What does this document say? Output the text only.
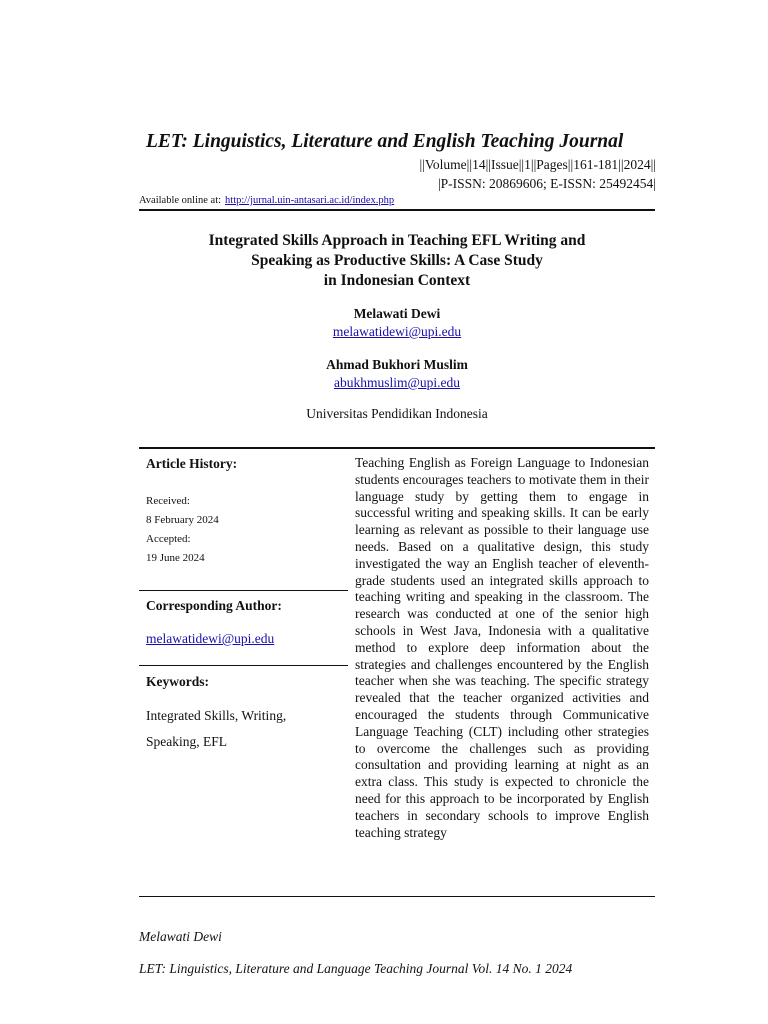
LET: Linguistics, Literature and English Teaching Journal
||Volume||14||Issue||1||Pages||161-181||2024||
|P-ISSN: 20869606; E-ISSN: 25492454|
Available online at: http://jurnal.uin-antasari.ac.id/index.php
Integrated Skills Approach in Teaching EFL Writing and
Speaking as Productive Skills: A Case Study
in Indonesian Context
Melawati Dewi
melawatidewi@upi.edu
Ahmad Bukhori Muslim
abukhmuslim@upi.edu
Universitas Pendidikan Indonesia
Article History:
Received:
8 February 2024
Accepted:
19 June 2024
Corresponding Author:
melawatidewi@upi.edu
Keywords:
Integrated Skills, Writing, Speaking, EFL
Teaching English as Foreign Language to Indonesian students encourages teachers to motivate them in their language study by getting them to engage in successful writing and speaking skills. It can be early learning as relevant as possible to their language use needs. Based on a qualitative design, this study investigated the way an English teacher of eleventh-grade students used an integrated skills approach to teaching writing and speaking in the classroom. The research was conducted at one of the senior high schools in West Java, Indonesia with a qualitative method to explore deep information about the strategies and challenges encountered by the English teacher when she was teaching. The specific strategy revealed that the teacher organized activities and encouraged the students through Communicative Language Teaching (CLT) including other strategies to overcome the challenges such as providing consultation and providing learning at night as an extra class. This study is expected to chronicle the need for this approach to be incorporated by English teachers in secondary schools to improve English teaching strategy
Melawati Dewi
LET: Linguistics, Literature and Language Teaching Journal Vol. 14 No. 1 2024
